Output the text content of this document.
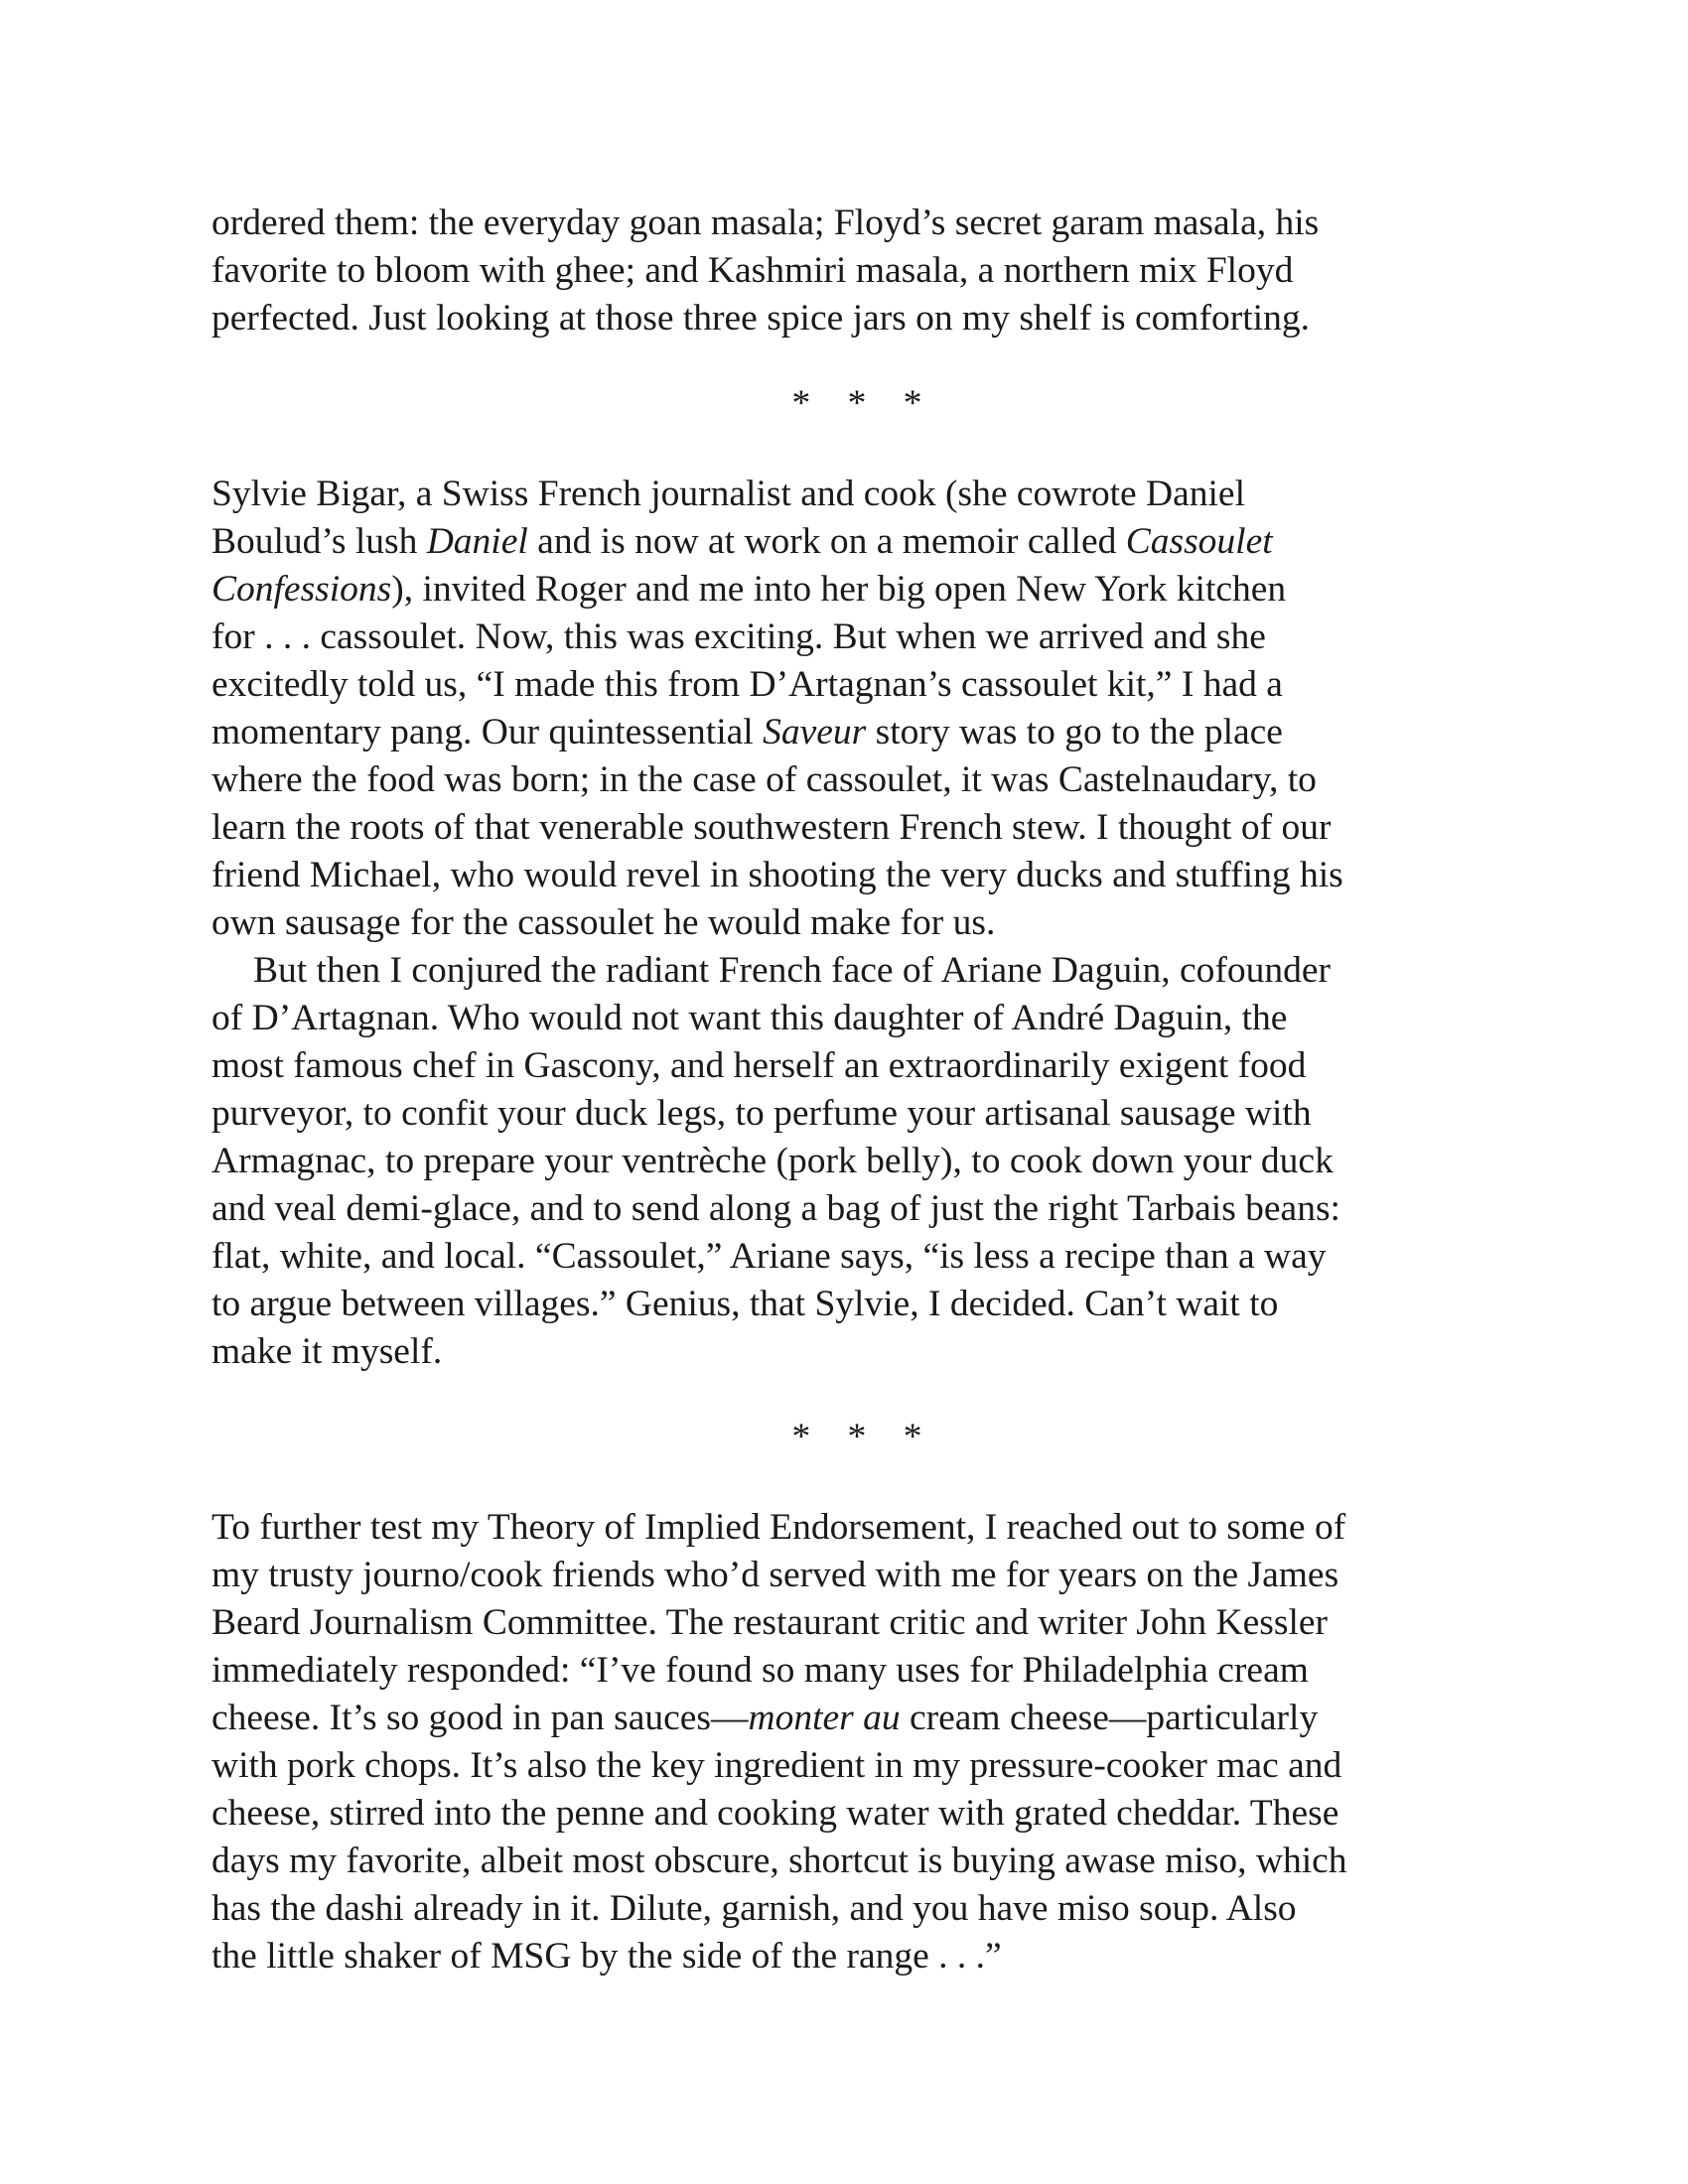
ordered them: the everyday goan masala; Floyd’s secret garam masala, his
favorite to bloom with ghee; and Kashmiri masala, a northern mix Floyd
perfected. Just looking at those three spice jars on my shelf is comforting.
* * *
Sylvie Bigar, a Swiss French journalist and cook (she cowrote Daniel
Boulud’s lush Daniel and is now at work on a memoir called Cassoulet
Confessions), invited Roger and me into her big open New York kitchen
for . . . cassoulet. Now, this was exciting. But when we arrived and she
excitedly told us, “I made this from D’Artagnan’s cassoulet kit,” I had a
momentary pang. Our quintessential Saveur story was to go to the place
where the food was born; in the case of cassoulet, it was Castelnaudary, to
learn the roots of that venerable southwestern French stew. I thought of our
friend Michael, who would revel in shooting the very ducks and stuffing his
own sausage for the cassoulet he would make for us.
But then I conjured the radiant French face of Ariane Daguin, cofounder
of D’Artagnan. Who would not want this daughter of André Daguin, the
most famous chef in Gascony, and herself an extraordinarily exigent food
purveyor, to confit your duck legs, to perfume your artisanal sausage with
Armagnac, to prepare your ventrèche (pork belly), to cook down your duck
and veal demi-glace, and to send along a bag of just the right Tarbais beans:
flat, white, and local. “Cassoulet,” Ariane says, “is less a recipe than a way
to argue between villages.” Genius, that Sylvie, I decided. Can’t wait to
make it myself.
* * *
To further test my Theory of Implied Endorsement, I reached out to some of
my trusty journo/cook friends who’d served with me for years on the James
Beard Journalism Committee. The restaurant critic and writer John Kessler
immediately responded: “I’ve found so many uses for Philadelphia cream
cheese. It’s so good in pan sauces—monter au cream cheese—particularly
with pork chops. It’s also the key ingredient in my pressure-cooker mac and
cheese, stirred into the penne and cooking water with grated cheddar. These
days my favorite, albeit most obscure, shortcut is buying awase miso, which
has the dashi already in it. Dilute, garnish, and you have miso soup. Also
the little shaker of MSG by the side of the range . . .”
